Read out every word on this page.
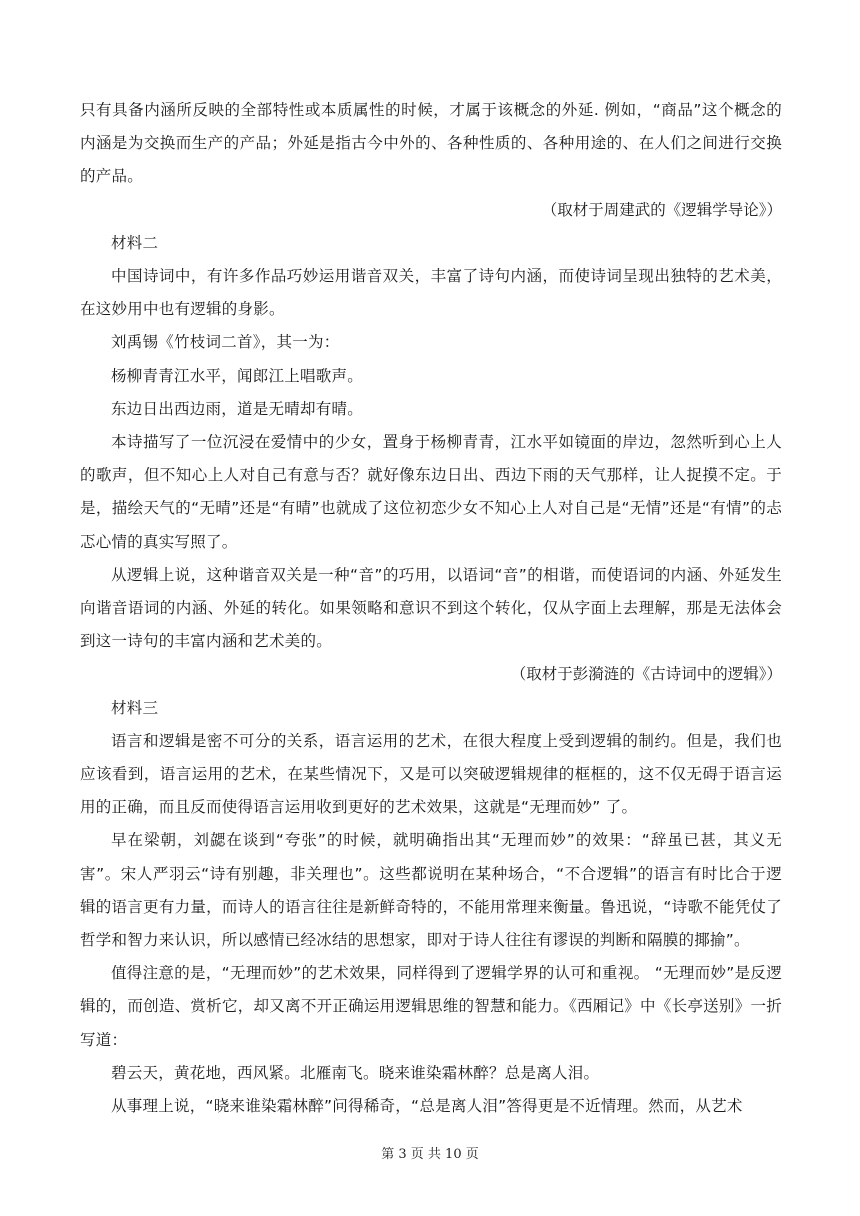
只有具备内涵所反映的全部特性或本质属性的时候，才属于该概念的外延. 例如，“商品”这个概念的内涵是为交换而生产的产品；外延是指古今中外的、各种性质的、各种用途的、在人们之间进行交换的产品。

（取材于周建武的《逻辑学导论》）

材料二

中国诗词中，有许多作品巧妙运用谐音双关，丰富了诗句内涵，而使诗词呈现出独特的艺术美，在这妙用中也有逻辑的身影。

刘禹锡《竹枝词二首》，其一为：

杨柳青青江水平，闻郎江上唱歌声。

东边日出西边雨，道是无晴却有晴。

本诗描写了一位沉浸在爱情中的少女，置身于杨柳青青，江水平如镜面的岸边，忽然听到心上人的歌声，但不知心上人对自己有意与否？就好像东边日出、西边下雨的天气那样，让人捉摸不定。于是，描绘天气的“无晴”还是“有晴”也就成了这位初恋少女不知心上人对自己是“无情”还是“有情”的忐忑心情的真实写照了。

从逻辑上说，这种谐音双关是一种“音”的巧用，以语词“音”的相谐，而使语词的内涵、外延发生向谐音语词的内涵、外延的转化。如果领略和意识不到这个转化，仅从字面上去理解，那是无法体会到这一诗句的丰富内涵和艺术美的。

（取材于彭漪涟的《古诗词中的逻辑》）

材料三

语言和逻辑是密不可分的关系，语言运用的艺术，在很大程度上受到逻辑的制约。但是，我们也应该看到，语言运用的艺术，在某些情况下，又是可以突破逻辑规律的框框的，这不仅无碍于语言运用的正确，而且反而使得语言运用收到更好的艺术效果，这就是“无理而妙” 了。

早在梁朝，刘勰在谈到“夸张”的时候，就明确指出其“无理而妙”的效果：“辞虽已甚，其义无害”。宋人严羽云“诗有别趣，非关理也”。这些都说明在某种场合，“不合逻辑”的语言有时比合于逻辑的语言更有力量，而诗人的语言往往是新鲜奇特的，不能用常理来衡量。鲁迅说，“诗歌不能凭仗了哲学和智力来认识，所以感情已经冰结的思想家，即对于诗人往往有谬误的判断和隔膜的揶揄”。

值得注意的是，“无理而妙”的艺术效果，同样得到了逻辑学界的认可和重视。 “无理而妙”是反逻辑的，而创造、赏析它，却又离不开正确运用逻辑思维的智慧和能力。《西厢记》中《长亭送别》一折写道：

碧云天，黄花地，西风紧。北雁南飞。晓来谁染霜林醉？总是离人泪。

从事理上说，“晓来谁染霜林醉”问得稀奇，“总是离人泪”答得更是不近情理。然而，从艺术

第 3 页 共 10 页
